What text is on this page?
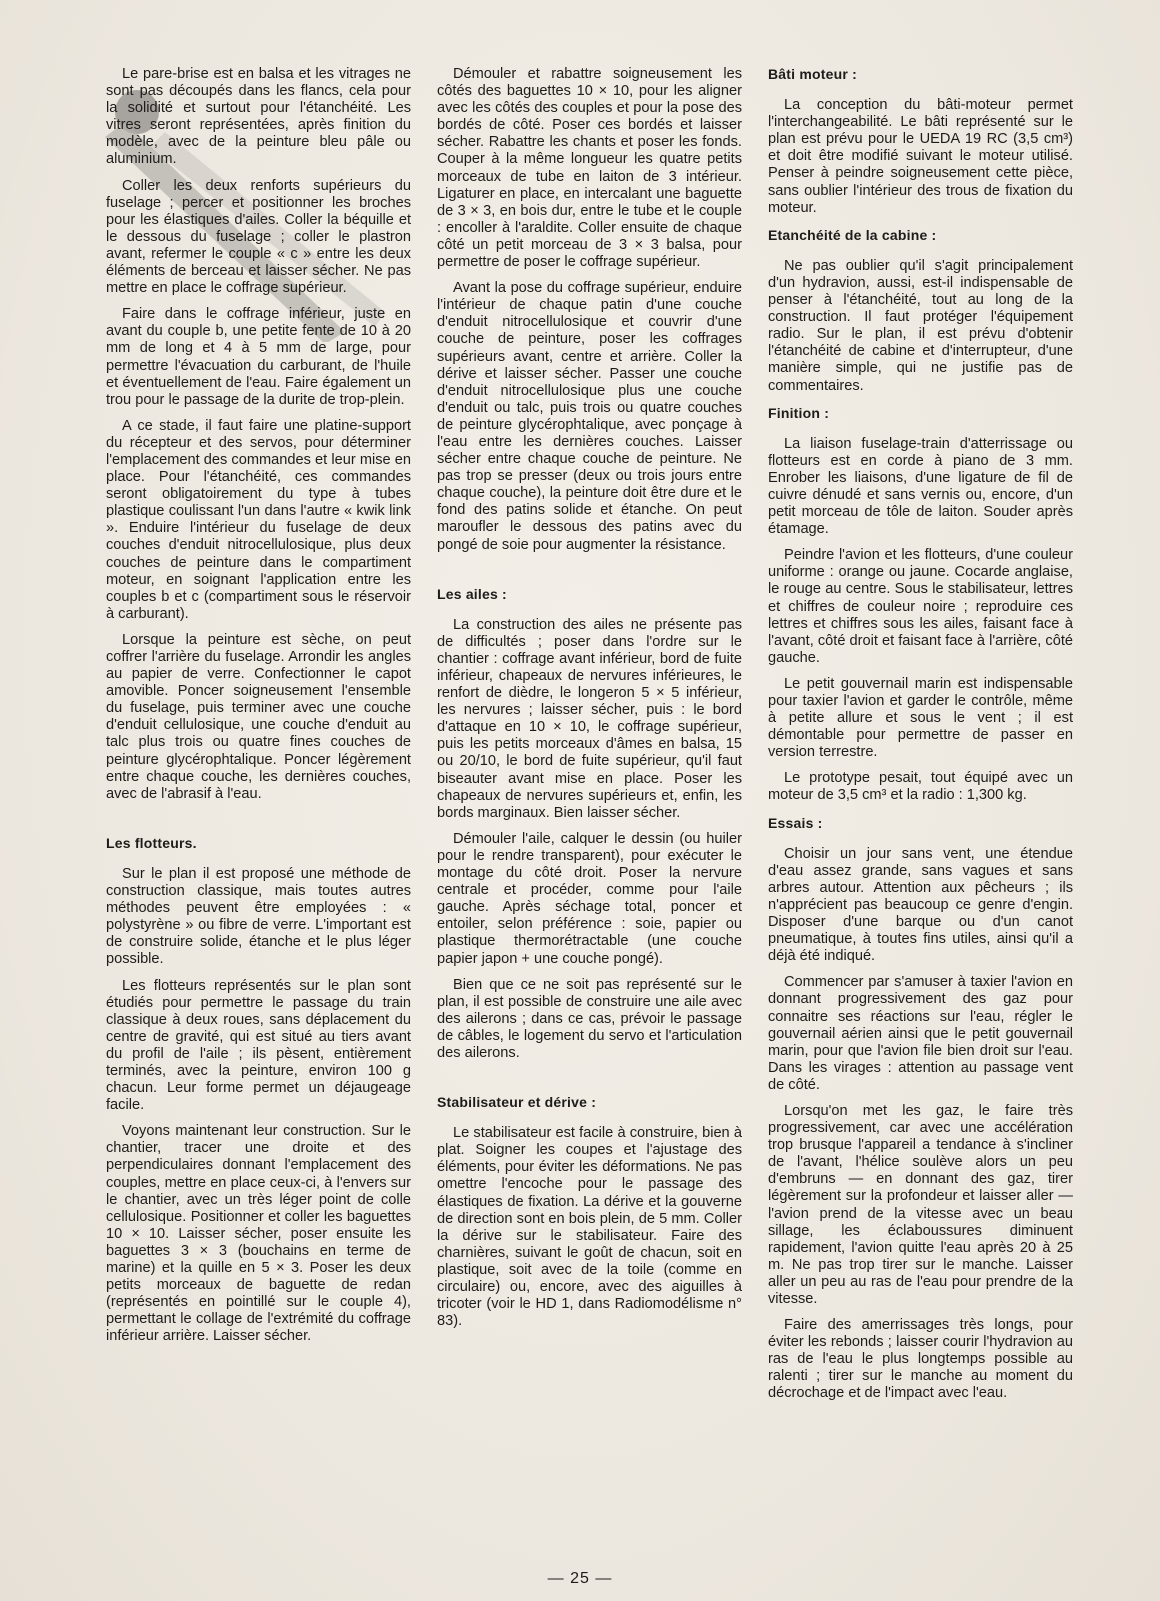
Le pare-brise est en balsa et les vitrages ne sont pas découpés dans les flancs, cela pour la solidité et surtout pour l'étanchéité. Les vitres seront représentées, après finition du modèle, avec de la peinture bleu pâle ou aluminium.

Coller les deux renforts supérieurs du fuselage ; percer et positionner les broches pour les élastiques d'ailes. Coller la béquille et le dessous du fuselage ; coller le plastron avant, refermer le couple « c » entre les deux éléments de berceau et laisser sécher. Ne pas mettre en place le coffrage supérieur.

Faire dans le coffrage inférieur, juste en avant du couple b, une petite fente de 10 à 20 mm de long et 4 à 5 mm de large, pour permettre l'évacuation du carburant, de l'huile et éventuellement de l'eau. Faire également un trou pour le passage de la durite de trop-plein.

A ce stade, il faut faire une platine-support du récepteur et des servos, pour déterminer l'emplacement des commandes et leur mise en place. Pour l'étanchéité, ces commandes seront obligatoirement du type à tubes plastique coulissant l'un dans l'autre « kwik link ». Enduire l'intérieur du fuselage de deux couches d'enduit nitrocellulosique, plus deux couches de peinture dans le compartiment moteur, en soignant l'application entre les couples b et c (compartiment sous le réservoir à carburant).

Lorsque la peinture est sèche, on peut coffrer l'arrière du fuselage. Arrondir les angles au papier de verre. Confectionner le capot amovible. Poncer soigneusement l'ensemble du fuselage, puis terminer avec une couche d'enduit cellulosique, une couche d'enduit au talc plus trois ou quatre fines couches de peinture glycérophtalique. Poncer légèrement entre chaque couche, les dernières couches, avec de l'abrasif à l'eau.

Les flotteurs.

Sur le plan il est proposé une méthode de construction classique, mais toutes autres méthodes peuvent être employées : « polystyrène » ou fibre de verre. L'important est de construire solide, étanche et le plus léger possible.

Les flotteurs représentés sur le plan sont étudiés pour permettre le passage du train classique à deux roues, sans déplacement du centre de gravité, qui est situé au tiers avant du profil de l'aile ; ils pèsent, entièrement terminés, avec la peinture, environ 100 g chacun. Leur forme permet un déjaugeage facile.

Voyons maintenant leur construction. Sur le chantier, tracer une droite et des perpendiculaires donnant l'emplacement des couples, mettre en place ceux-ci, à l'envers sur le chantier, avec un très léger point de colle cellulosique. Positionner et coller les baguettes 10 × 10. Laisser sécher, poser ensuite les baguettes 3 × 3 (bouchains en terme de marine) et la quille en 5 × 3. Poser les deux petits morceaux de baguette de redan (représentés en pointillé sur le couple 4), permettant le collage de l'extrémité du coffrage inférieur arrière. Laisser sécher.

Démouler et rabattre soigneusement les côtés des baguettes 10 × 10, pour les aligner avec les côtés des couples et pour la pose des bordés de côté. Poser ces bordés et laisser sécher. Rabattre les chants et poser les fonds. Couper à la même longueur les quatre petits morceaux de tube en laiton de 3 intérieur. Ligaturer en place, en intercalant une baguette de 3 × 3, en bois dur, entre le tube et le couple : encoller à l'araldite. Coller ensuite de chaque côté un petit morceau de 3 × 3 balsa, pour permettre de poser le coffrage supérieur.

Avant la pose du coffrage supérieur, enduire l'intérieur de chaque patin d'une couche d'enduit nitrocellulosique et couvrir d'une couche de peinture, poser les coffrages supérieurs avant, centre et arrière. Coller la dérive et laisser sécher. Passer une couche d'enduit nitrocellulosique plus une couche d'enduit ou talc, puis trois ou quatre couches de peinture glycérophtalique, avec ponçage à l'eau entre les dernières couches. Laisser sécher entre chaque couche de peinture. Ne pas trop se presser (deux ou trois jours entre chaque couche), la peinture doit être dure et le fond des patins solide et étanche. On peut maroufler le dessous des patins avec du pongé de soie pour augmenter la résistance.

Les ailes :

La construction des ailes ne présente pas de difficultés ; poser dans l'ordre sur le chantier : coffrage avant inférieur, bord de fuite inférieur, chapeaux de nervures inférieures, le renfort de dièdre, le longeron 5 × 5 inférieur, les nervures ; laisser sécher, puis : le bord d'attaque en 10 × 10, le coffrage supérieur, puis les petits morceaux d'âmes en balsa, 15 ou 20/10, le bord de fuite supérieur, qu'il faut biseauter avant mise en place. Poser les chapeaux de nervures supérieurs et, enfin, les bords marginaux. Bien laisser sécher.

Démouler l'aile, calquer le dessin (ou huiler pour le rendre transparent), pour exécuter le montage du côté droit. Poser la nervure centrale et procéder, comme pour l'aile gauche. Après séchage total, poncer et entoiler, selon préférence : soie, papier ou plastique thermorétractable (une couche papier japon + une couche pongé).

Bien que ce ne soit pas représenté sur le plan, il est possible de construire une aile avec des ailerons ; dans ce cas, prévoir le passage de câbles, le logement du servo et l'articulation des ailerons.

Stabilisateur et dérive :

Le stabilisateur est facile à construire, bien à plat. Soigner les coupes et l'ajustage des éléments, pour éviter les déformations. Ne pas omettre l'encoche pour le passage des élastiques de fixation. La dérive et la gouverne de direction sont en bois plein, de 5 mm. Coller la dérive sur le stabilisateur. Faire des charnières, suivant le goût de chacun, soit en plastique, soit avec de la toile (comme en circulaire) ou, encore, avec des aiguilles à tricoter (voir le HD 1, dans Radiomodélisme n° 83).

Bâti moteur :

La conception du bâti-moteur permet l'interchangeabilité. Le bâti représenté sur le plan est prévu pour le UEDA 19 RC (3,5 cm³) et doit être modifié suivant le moteur utilisé. Penser à peindre soigneusement cette pièce, sans oublier l'intérieur des trous de fixation du moteur.

Etanchéité de la cabine :

Ne pas oublier qu'il s'agit principalement d'un hydravion, aussi, est-il indispensable de penser à l'étanchéité, tout au long de la construction. Il faut protéger l'équipement radio. Sur le plan, il est prévu d'obtenir l'étanchéité de cabine et d'interrupteur, d'une manière simple, qui ne justifie pas de commentaires.

Finition :

La liaison fuselage-train d'atterrissage ou flotteurs est en corde à piano de 3 mm. Enrober les liaisons, d'une ligature de fil de cuivre dénudé et sans vernis ou, encore, d'un petit morceau de tôle de laiton. Souder après étamage.

Peindre l'avion et les flotteurs, d'une couleur uniforme : orange ou jaune. Cocarde anglaise, le rouge au centre. Sous le stabilisateur, lettres et chiffres de couleur noire ; reproduire ces lettres et chiffres sous les ailes, faisant face à l'avant, côté droit et faisant face à l'arrière, côté gauche.

Le petit gouvernail marin est indispensable pour taxier l'avion et garder le contrôle, même à petite allure et sous le vent ; il est démontable pour permettre de passer en version terrestre.

Le prototype pesait, tout équipé avec un moteur de 3,5 cm³ et la radio : 1,300 kg.

Essais :

Choisir un jour sans vent, une étendue d'eau assez grande, sans vagues et sans arbres autour. Attention aux pêcheurs ; ils n'apprécient pas beaucoup ce genre d'engin. Disposer d'une barque ou d'un canot pneumatique, à toutes fins utiles, ainsi qu'il a déjà été indiqué.

Commencer par s'amuser à taxier l'avion en donnant progressivement des gaz pour connaitre ses réactions sur l'eau, régler le gouvernail aérien ainsi que le petit gouvernail marin, pour que l'avion file bien droit sur l'eau. Dans les virages : attention au passage vent de côté.

Lorsqu'on met les gaz, le faire très progressivement, car avec une accélération trop brusque l'appareil a tendance à s'incliner de l'avant, l'hélice soulève alors un peu d'embruns — en donnant des gaz, tirer légèrement sur la profondeur et laisser aller — l'avion prend de la vitesse avec un beau sillage, les éclaboussures diminuent rapidement, l'avion quitte l'eau après 20 à 25 m. Ne pas trop tirer sur le manche. Laisser aller un peu au ras de l'eau pour prendre de la vitesse.

Faire des amerrissages très longs, pour éviter les rebonds ; laisser courir l'hydravion au ras de l'eau le plus longtemps possible au ralenti ; tirer sur le manche au moment du décrochage et de l'impact avec l'eau.

— 25 —
